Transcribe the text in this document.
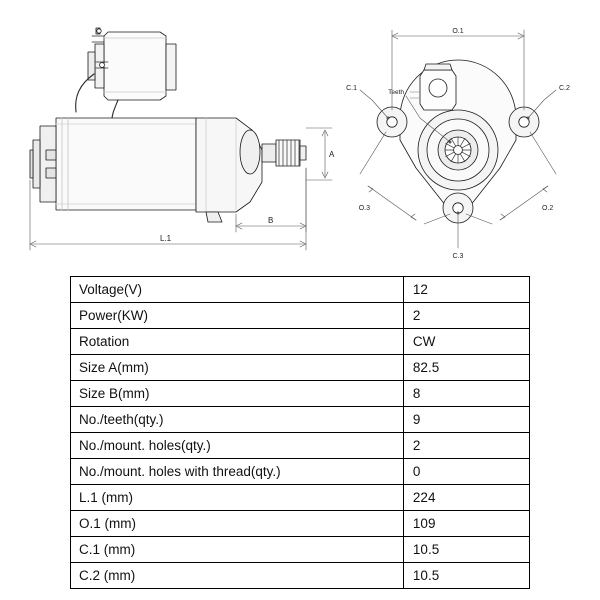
A
B
L.1
Teeth
O.1
O.2
O.3
C.1	C.2
C.3
Voltage(V)	12
Power(KW)	2
Rotation	CW
Size A(mm)	82.5
Size B(mm)	8
No./teeth(qty.)	9
No./mount. holes(qty.)	2
No./mount. holes with thread(qty.)	0
L.1 (mm)	224
O.1 (mm)	109
C.1 (mm)	10.5
C.2 (mm)	10.5
